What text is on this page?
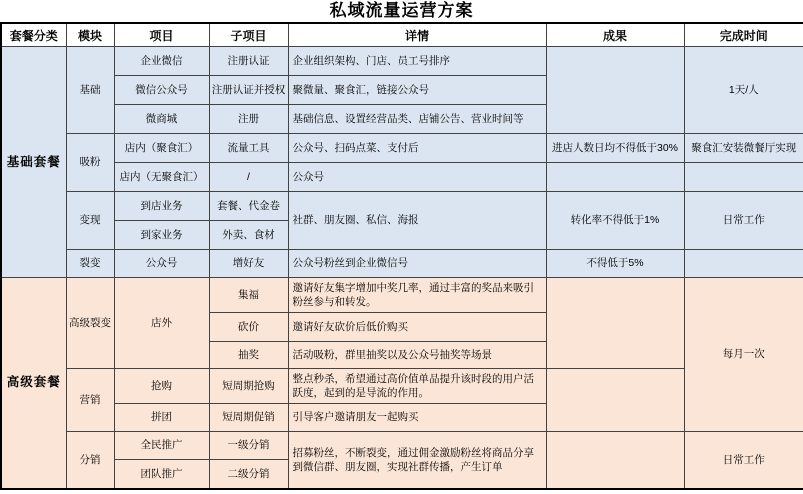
私域流量运营方案
套餐分类	模块	项目	子项目	详情	成果	完成时间
基础套餐	基础	企业微信	注册认证	企业组织架构、门店、员工号排序		1天/人
		微信公众号	注册认证并授权	聚微量、聚食汇，链接公众号		
		微商城	注册	基础信息、设置经营品类、店铺公告、营业时间等		
	吸粉	店内（聚食汇）	流量工具	公众号、扫码点菜、支付后	进店人数日均不得低于30%	聚食汇安装微餐厅实现
		店内（无聚食汇）	/	公众号		
	变现	到店业务	套餐、代金卷	社群、朋友圈、私信、海报	转化率不得低于1%	日常工作
		到家业务	外卖、食材			
	裂变	公众号	增好友	公众号粉丝到企业微信号	不得低于5%	
高级套餐	高级裂变	店外	集福	邀请好友集字增加中奖几率，通过丰富的奖品来吸引粉丝参与和转发。		每月一次
			砍价	邀请好友砍价后低价购买		
			抽奖	活动吸粉，群里抽奖以及公众号抽奖等场景		
	营销	抢购	短周期抢购	整点秒杀，希望通过高价值单品提升该时段的用户活跃度，起到的是导流的作用。		
		拼团	短周期促销	引导客户邀请朋友一起购买		
	分销	全民推广	一级分销	招募粉丝，不断裂变，通过佣金激励粉丝将商品分享到微信群、朋友圈，实现社群传播，产生订单		日常工作
		团队推广	二级分销			
